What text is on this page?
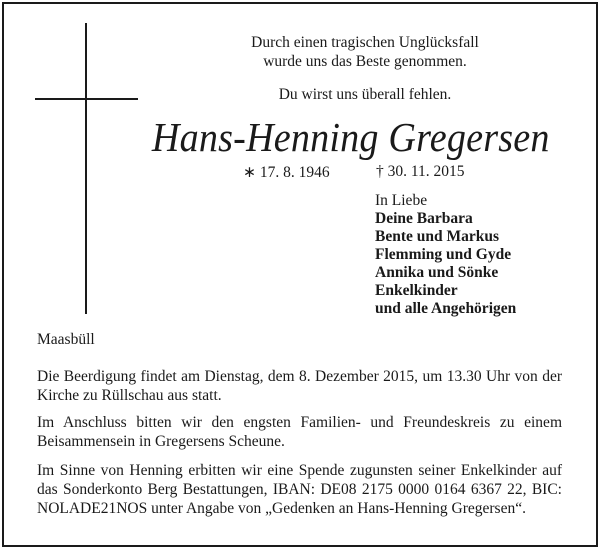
Durch einen tragischen Unglücksfall
wurde uns das Beste genommen.
Du wirst uns überall fehlen.
Hans-Henning Gregersen
∗ 17. 8. 1946	† 30. 11. 2015
In Liebe
Deine Barbara
Bente und Markus
Flemming und Gyde
Annika und Sönke
Enkelkinder
und alle Angehörigen
Maasbüll
Die Beerdigung findet am Dienstag, dem 8. Dezember 2015, um 13.30 Uhr von der Kirche zu Rüllschau aus statt.
Im Anschluss bitten wir den engsten Familien- und Freundeskreis zu einem Beisammensein in Gregersens Scheune.
Im Sinne von Henning erbitten wir eine Spende zugunsten seiner Enkelkinder auf das Sonderkonto Berg Bestattungen, IBAN: DE08 2175 0000 0164 6367 22, BIC: NOLADE21NOS unter Angabe von „Gedenken an Hans-Henning Gregersen“.
